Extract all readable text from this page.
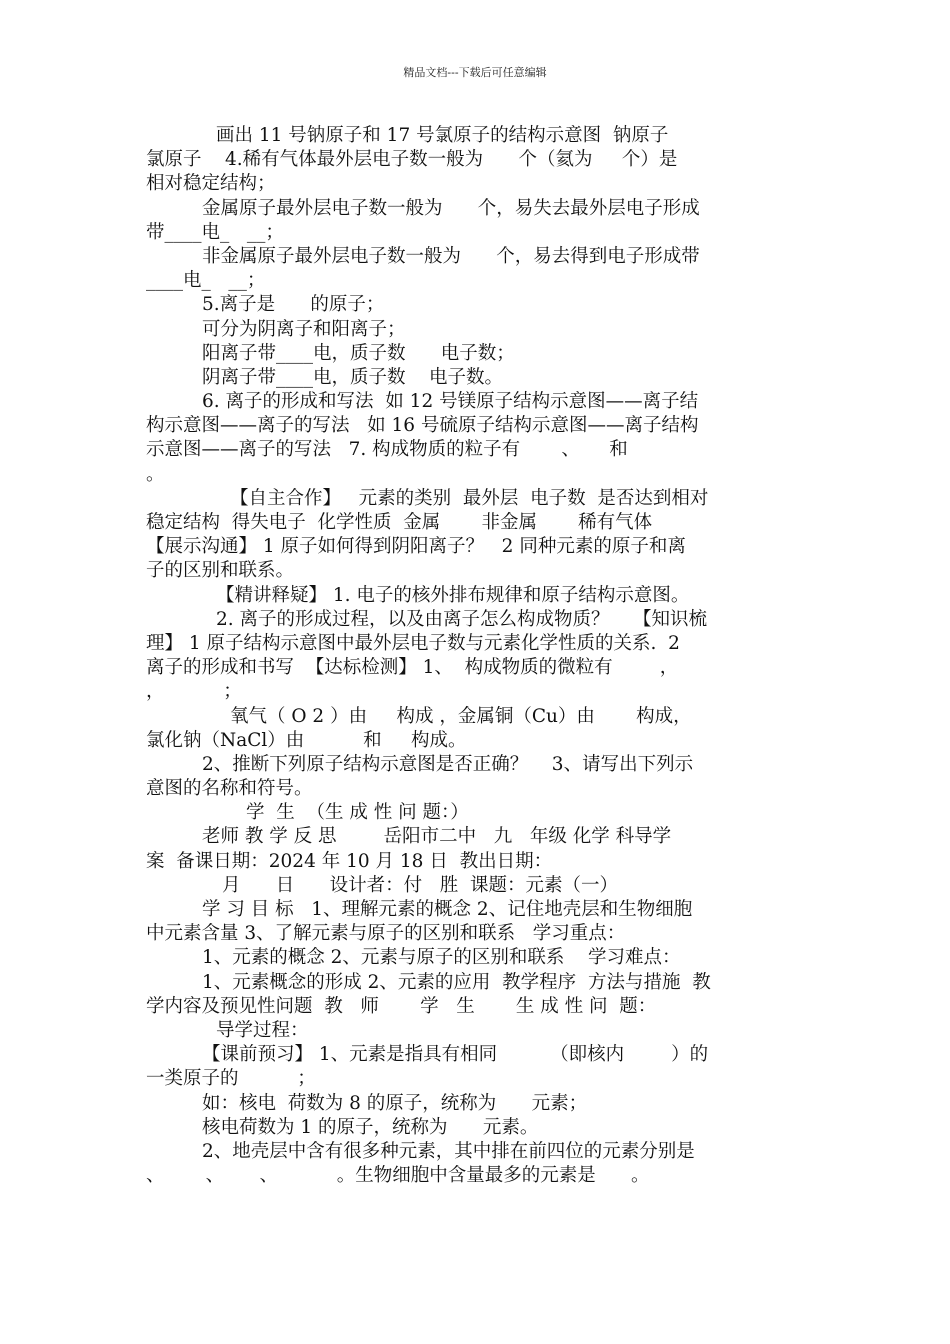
精品文档---下载后可任意编辑
画出 11 号钠原子和 17 号氯原子的结构示意图  钠原子
氯原子    4.稀有气体最外层电子数一般为      个（氦为     个）是
相对稳定结构；
金属原子最外层电子数一般为      个，易失去最外层电子形成
带____电_   __；
非金属原子最外层电子数一般为      个，易去得到电子形成带
____电_   __；
5.离子是      的原子；
可分为阴离子和阳离子；
阳离子带____电，质子数      电子数；
阴离子带____电，质子数    电子数。
6. 离子的形成和写法  如 12 号镁原子结构示意图——离子结
构示意图——离子的写法   如 16 号硫原子结构示意图——离子结构
示意图——离子的写法   7. 构成物质的粒子有       、     和
。
【自主合作】   元素的类别  最外层  电子数  是否达到相对
稳定结构  得失电子  化学性质  金属       非金属       稀有气体
【展示沟通】 1 原子如何得到阴阳离子？   2 同种元素的原子和离
子的区别和联系。
【精讲释疑】 1. 电子的核外排布规律和原子结构示意图。
2. 离子的形成过程，以及由离子怎么构成物质？    【知识梳
理】 1 原子结构示意图中最外层电子数与元素化学性质的关系.  2
离子的形成和书写  【达标检测】 1、  构成物质的微粒有        ，
，          ；
氧气（ O 2 ）由     构成 ，金属铜（Cu）由       构成，
氯化钠（NaCl）由          和     构成。
2、推断下列原子结构示意图是否正确？    3、请写出下列示
意图的名称和符号。
学  生  （生 成 性 问 题：）
老师 教 学 反 思        岳阳市二中   九   年级 化学 科导学
案  备课日期：2024 年 10 月 18 日  教出日期：
月      日      设计者：付   胜  课题：元素（一）
学 习 目 标   1、理解元素的概念 2、记住地壳层和生物细胞
中元素含量 3、了解元素与原子的区别和联系   学习重点：
1、元素的概念 2、元素与原子的区别和联系    学习难点：
1、元素概念的形成 2、元素的应用  教学程序  方法与措施  教
学内容及预见性问题  教   师       学   生       生 成 性 问  题：
导学过程：
【课前预习】 1、元素是指具有相同         （即核内        ）的
一类原子的          ；
如：核电  荷数为 8 的原子，统称为      元素；
核电荷数为 1 的原子，统称为      元素。
2、地壳层中含有很多种元素，其中排在前四位的元素分别是
、       、      、          。生物细胞中含量最多的元素是      。
